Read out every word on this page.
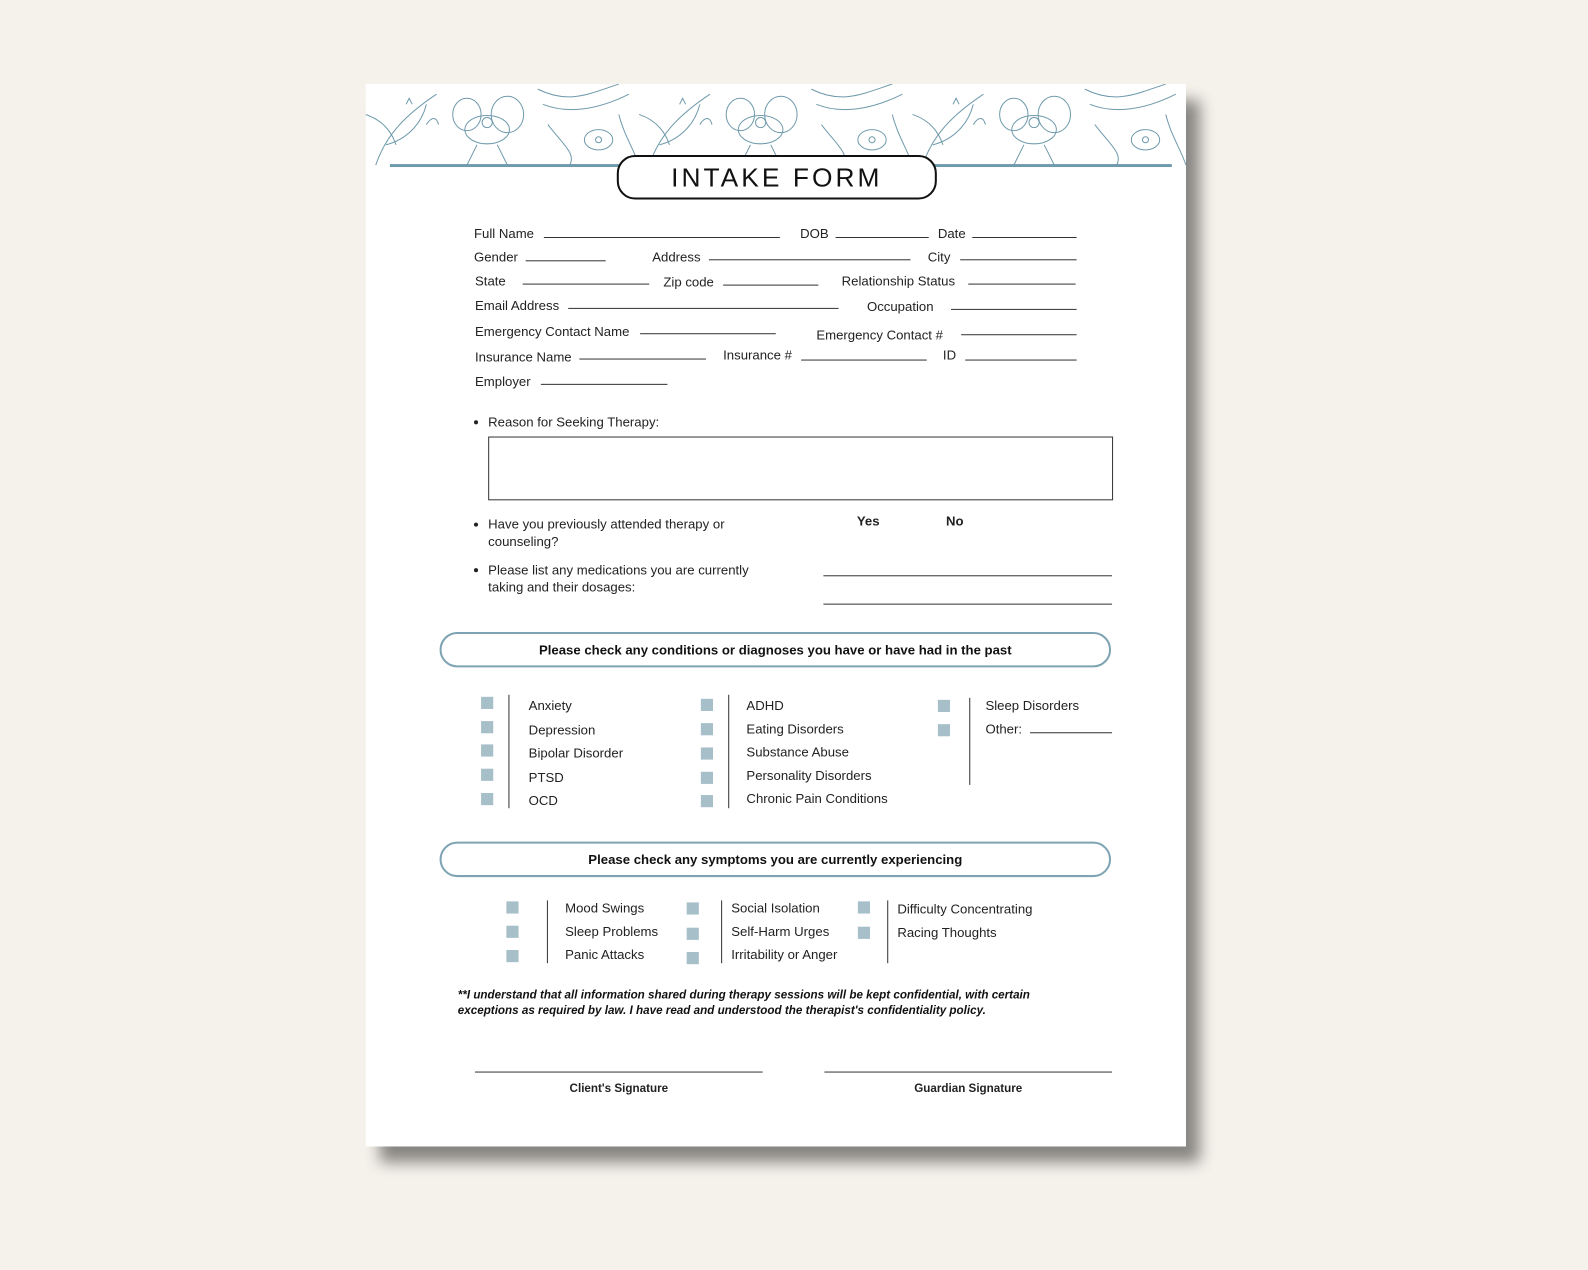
INTAKE FORM
Full Name	DOB	Date
Gender	Address	City
State	Zip code	Relationship Status
Email Address	Occupation
Emergency Contact Name	Emergency Contact #
Insurance Name	Insurance #	ID
Employer
Reason for Seeking Therapy:
Have you previously attended therapy or
counseling?
Yes	No
Please list any medications you are currently
taking and their dosages:
Please check any conditions or diagnoses you have or have had in the past
Anxiety
Depression
Bipolar Disorder
PTSD
OCD
ADHD
Eating Disorders
Substance Abuse
Personality Disorders
Chronic Pain Conditions
Sleep Disorders
Other:
Please check any symptoms you are currently experiencing
Mood Swings
Sleep Problems
Panic Attacks
Social Isolation
Self-Harm Urges
Irritability or Anger
Difficulty Concentrating
Racing Thoughts
**I understand that all information shared during therapy sessions will be kept confidential, with certain exceptions as required by law. I have read and understood the therapist's confidentiality policy.
Client's Signature	Guardian Signature
